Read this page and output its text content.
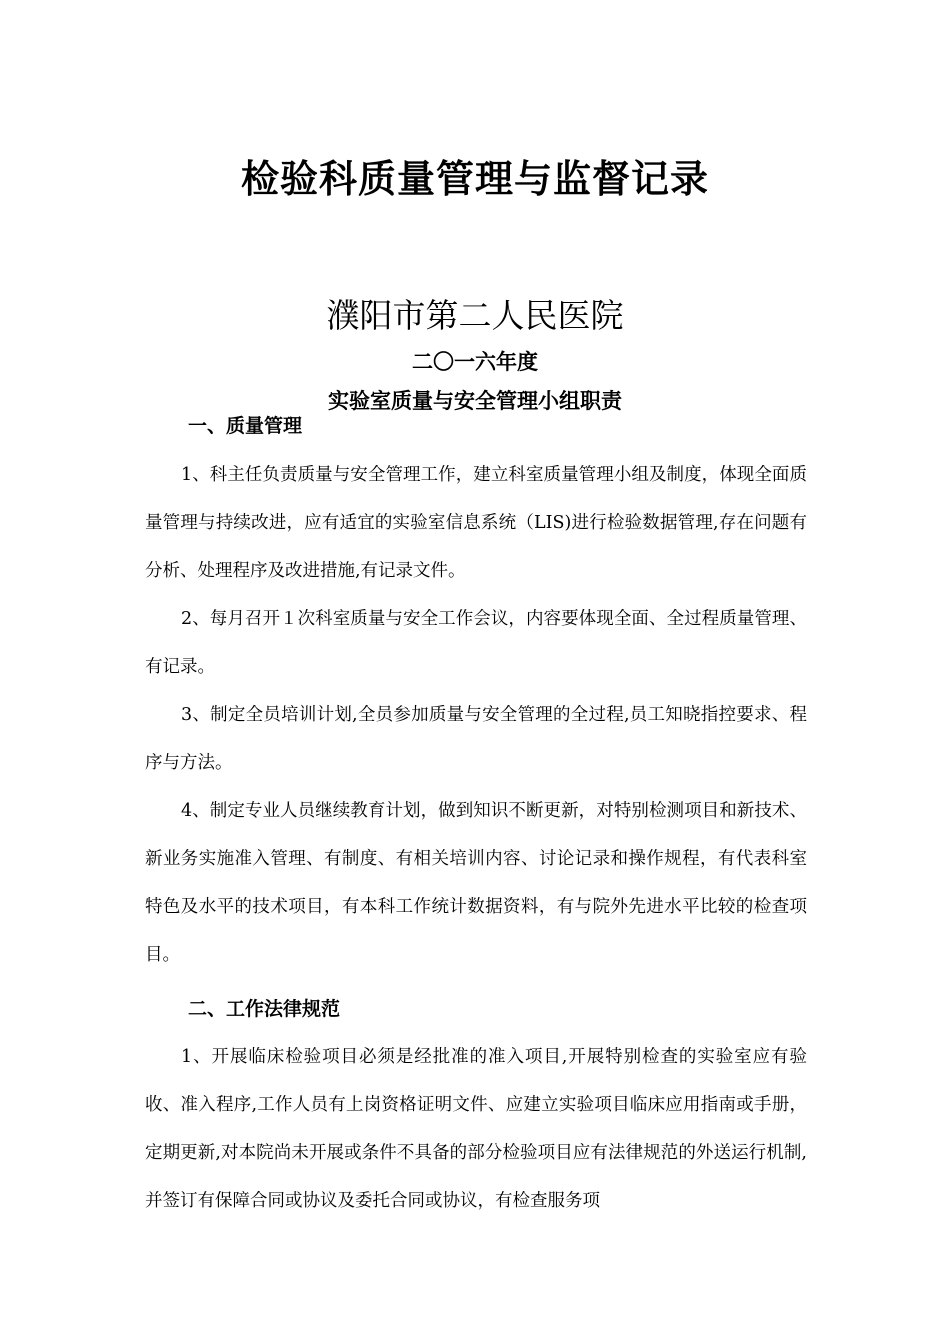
检验科质量管理与监督记录
濮阳市第二人民医院
二〇一六年度
实验室质量与安全管理小组职责
一、质量管理
1、科主任负责质量与安全管理工作，建立科室质量管理小组及制度，体现全面质量管理与持续改进，应有适宜的实验室信息系统（LIS)进行检验数据管理,存在问题有分析、处理程序及改进措施,有记录文件。
2、每月召开１次科室质量与安全工作会议，内容要体现全面、全过程质量管理、有记录。
3、制定全员培训计划,全员参加质量与安全管理的全过程,员工知晓指控要求、程序与方法。
4、制定专业人员继续教育计划，做到知识不断更新，对特别检测项目和新技术、新业务实施准入管理、有制度、有相关培训内容、讨论记录和操作规程，有代表科室特色及水平的技术项目，有本科工作统计数据资料，有与院外先进水平比较的检查项目。
二、工作法律规范
1、开展临床检验项目必须是经批准的准入项目,开展特别检查的实验室应有验收、准入程序,工作人员有上岗资格证明文件、应建立实验项目临床应用指南或手册，定期更新,对本院尚未开展或条件不具备的部分检验项目应有法律规范的外送运行机制,并签订有保障合同或协议及委托合同或协议，有检查服务项
